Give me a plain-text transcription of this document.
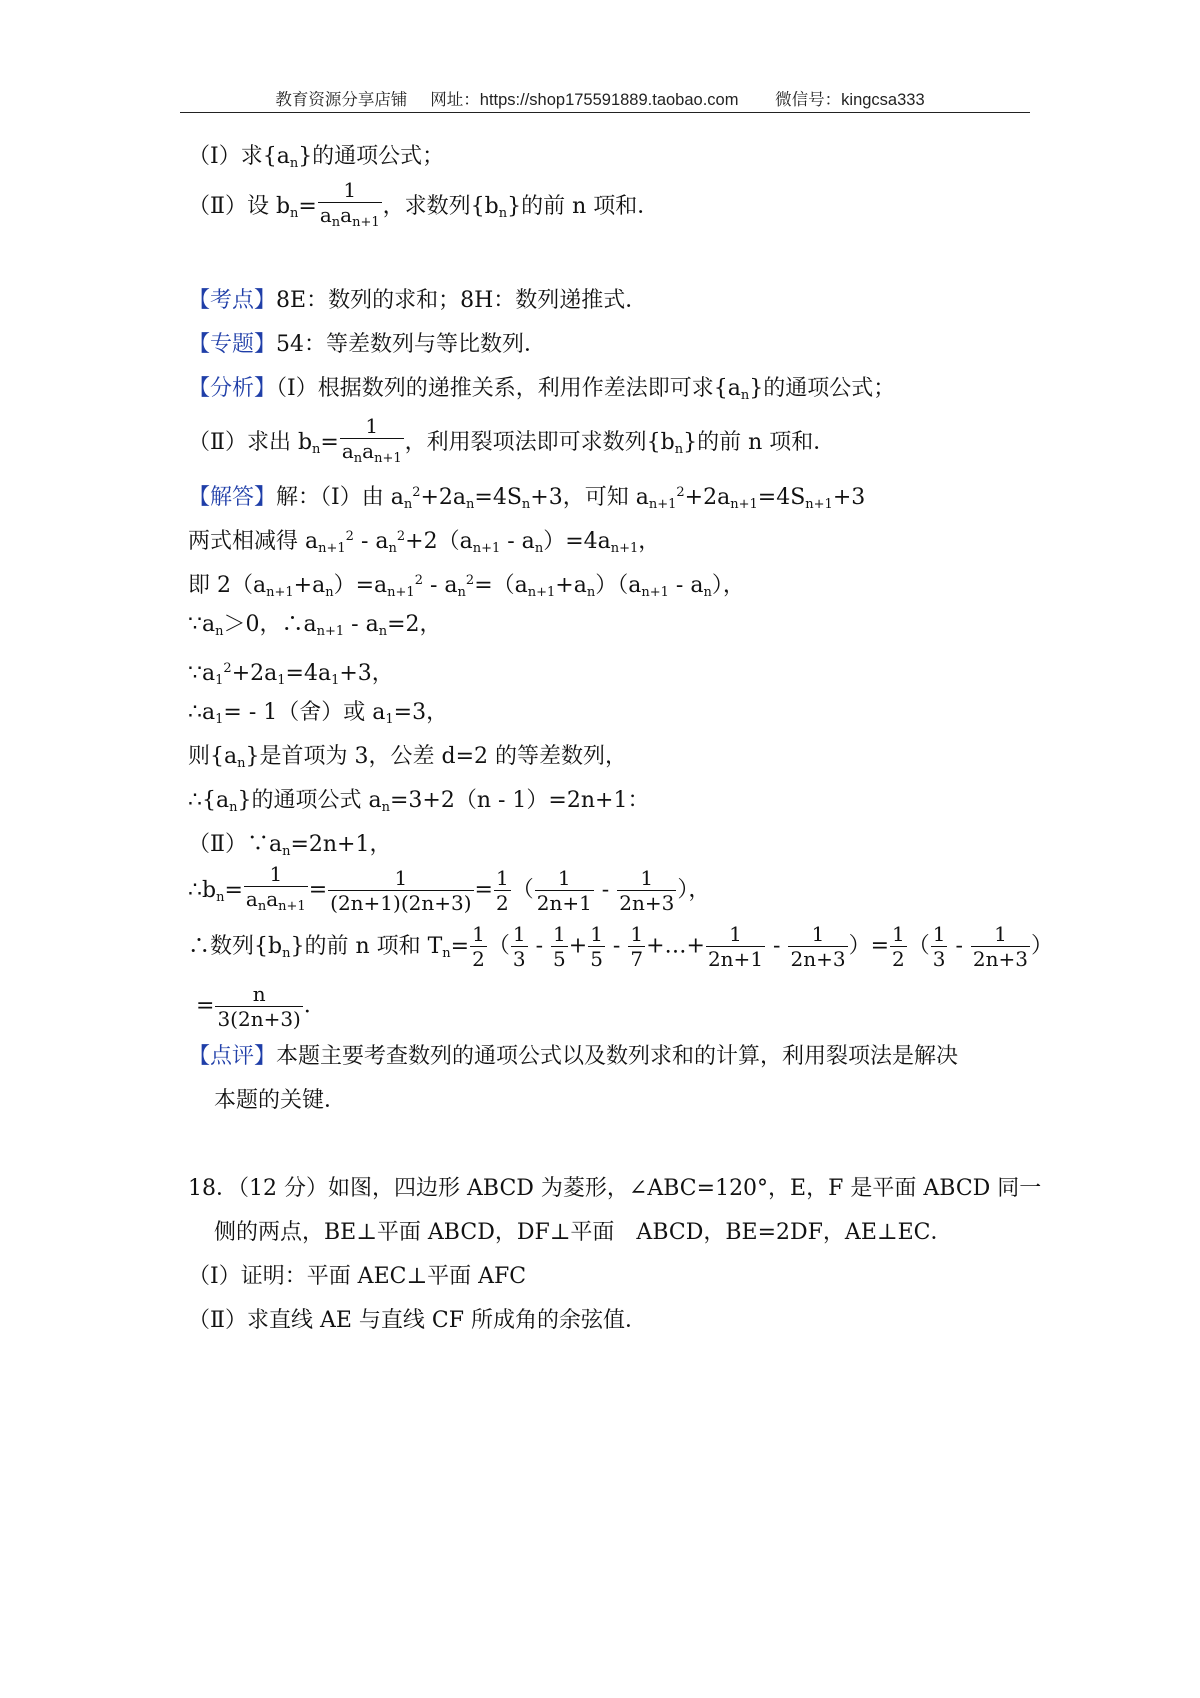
教育资源分享店铺 网址：https://shop175591889.taobao.com 微信号：kingcsa333
（Ⅰ）求$\{a_n\}$的通项公式；
（Ⅱ）设 $b_n= \frac{1}{a_na_{n+1}}$ ，求数列$\{b_n\}$的前 n 项和．
【考点】8E：数列的求和；8H：数列递推式．
【专题】54：等差数列与等比数列．
【分析】（Ⅰ）根据数列的递推关系，利用作差法即可求$\{a_n\}$的通项公式；
（Ⅱ）求出 $b_n= \frac{1}{a_na_{n+1}}$ ，利用裂项法即可求数列$\{b_n\}$的前 n 项和．
【解答】解：（Ⅰ）由 $a_n^2+2a_n=4S_n+3$，可知 $a_{n+1}^2+2a_{n+1}=4S_{n+1}+3$
两式相减得 $a_{n+1}^2 - a_n^2+2(a_{n+1} - a_n)=4a_{n+1}$，
即 $2(a_{n+1}+a_n)=a_{n+1}^2 - a_n^2=(a_{n+1}+a_n)(a_{n+1} - a_n)$，
$\because a_n>0$，$\therefore a_{n+1} - a_n=2$，
$\because a_1^2+2a_1=4a_1+3$，
$\therefore a_1= - 1$（舍）或 $a_1=3$，
则$\{a_n\}$是首项为 3，公差 d=2 的等差数列，
$\therefore\{a_n\}$的通项公式 $a_n=3+2(n - 1)=2n+1$：
$(Ⅱ)\because a_n=2n+1$，
$\therefore b_n= \frac{1}{a_na_{n+1}} = \frac{1}{(2n+1)(2n+3)} = \frac{1}{2}$ （ $\frac{1}{2n+1} - \frac{1}{2n+3}$ ），
∴数列$\{b_n\}$的前 n 项和 $T_n= \frac{1}{2}$ （ $\frac{1}{3} - \frac{1}{5} + \frac{1}{5} - \frac{1}{7}$ +…+ $\frac{1}{2n+1} - \frac{1}{2n+3}$ ）= $\frac{1}{2}$ （ $\frac{1}{3} - \frac{1}{2n+3}$ ）
= $\frac{n}{3(2n+3)}$ ．
【点评】本题主要考查数列的通项公式以及数列求和的计算，利用裂项法是解决
本题的关键．
18．（12 分）如图，四边形 ABCD 为菱形，∠ABC=120°，E，F 是平面 ABCD 同一
侧的两点，BE⊥平面 ABCD，DF⊥平面　ABCD，BE=2DF，AE⊥EC．
（Ⅰ）证明：平面 AEC⊥平面 AFC
（Ⅱ）求直线 AE 与直线 CF 所成角的余弦值．
